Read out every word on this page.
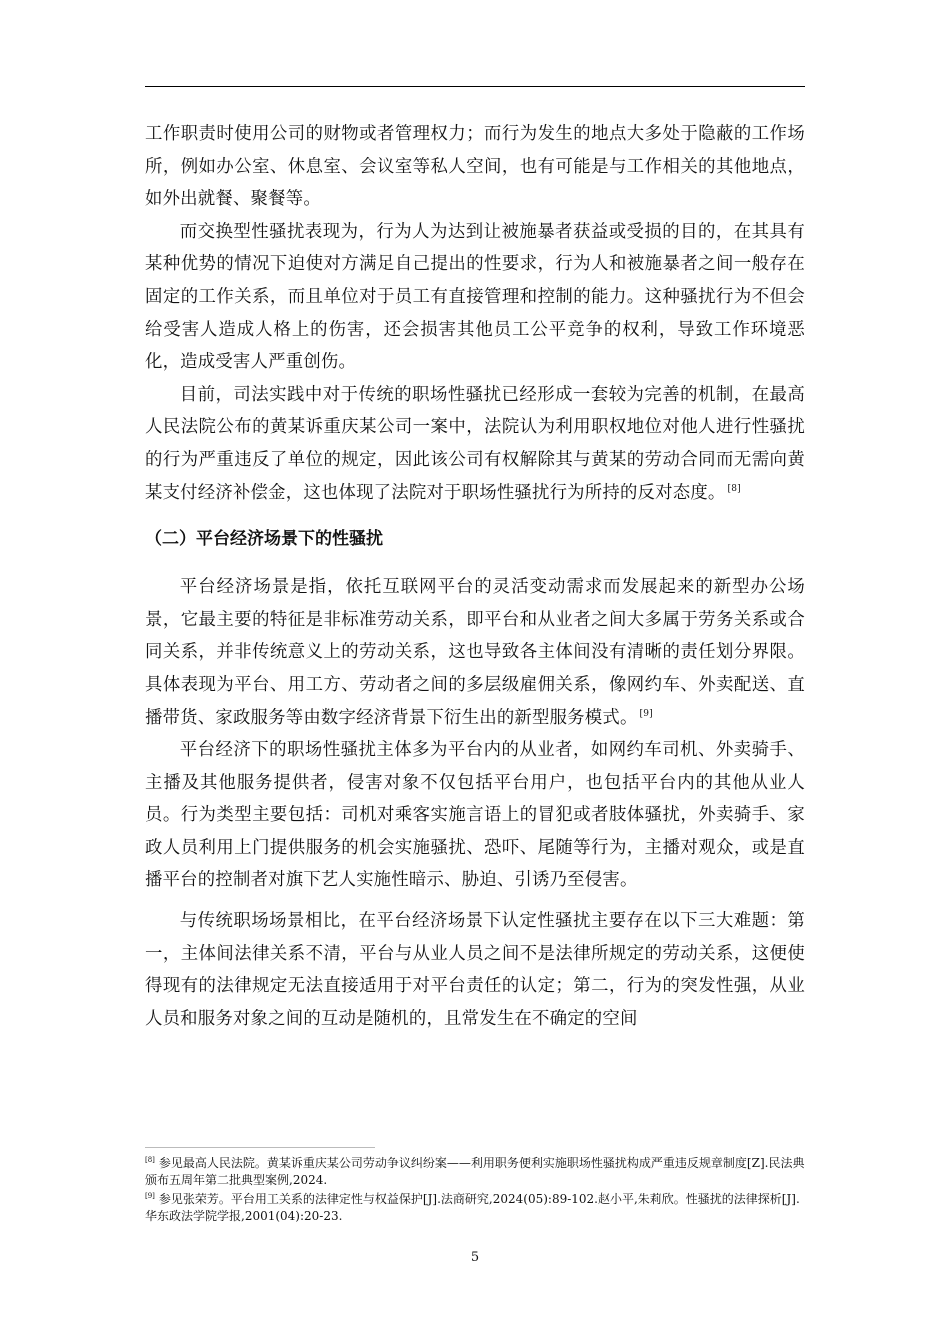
工作职责时使用公司的财物或者管理权力；而行为发生的地点大多处于隐蔽的工作场所，例如办公室、休息室、会议室等私人空间，也有可能是与工作相关的其他地点，如外出就餐、聚餐等。

而交换型性骚扰表现为，行为人为达到让被施暴者获益或受损的目的，在其具有某种优势的情况下迫使对方满足自己提出的性要求，行为人和被施暴者之间一般存在固定的工作关系，而且单位对于员工有直接管理和控制的能力。这种骚扰行为不但会给受害人造成人格上的伤害，还会损害其他员工公平竞争的权利，导致工作环境恶化，造成受害人严重创伤。

目前，司法实践中对于传统的职场性骚扰已经形成一套较为完善的机制，在最高人民法院公布的黄某诉重庆某公司一案中，法院认为利用职权地位对他人进行性骚扰的行为严重违反了单位的规定，因此该公司有权解除其与黄某的劳动合同而无需向黄某支付经济补偿金，这也体现了法院对于职场性骚扰行为所持的反对态度。 [8]

（二）平台经济场景下的性骚扰

平台经济场景是指，依托互联网平台的灵活变动需求而发展起来的新型办公场景，它最主要的特征是非标准劳动关系，即平台和从业者之间大多属于劳务关系或合同关系，并非传统意义上的劳动关系，这也导致各主体间没有清晰的责任划分界限。具体表现为平台、用工方、劳动者之间的多层级雇佣关系，像网约车、外卖配送、直播带货、家政服务等由数字经济背景下衍生出的新型服务模式。 [9]

平台经济下的职场性骚扰主体多为平台内的从业者，如网约车司机、外卖骑手、主播及其他服务提供者，侵害对象不仅包括平台用户，也包括平台内的其他从业人员。行为类型主要包括：司机对乘客实施言语上的冒犯或者肢体骚扰，外卖骑手、家政人员利用上门提供服务的机会实施骚扰、恐吓、尾随等行为，主播对观众，或是直播平台的控制者对旗下艺人实施性暗示、胁迫、引诱乃至侵害。

与传统职场场景相比，在平台经济场景下认定性骚扰主要存在以下三大难题：第一，主体间法律关系不清，平台与从业人员之间不是法律所规定的劳动关系，这便使得现有的法律规定无法直接适用于对平台责任的认定；第二，行为的突发性强，从业人员和服务对象之间的互动是随机的，且常发生在不确定的空间

[8] 参见最高人民法院。黄某诉重庆某公司劳动争议纠纷案——利用职务便利实施职场性骚扰构成严重违反规章制度[Z].民法典颁布五周年第二批典型案例,2024.

[9] 参见张荣芳。平台用工关系的法律定性与权益保护[J].法商研究,2024(05):89-102.赵小平,朱莉欣。性骚扰的法律探析[J].华东政法学院学报,2001(04):20-23.

5
